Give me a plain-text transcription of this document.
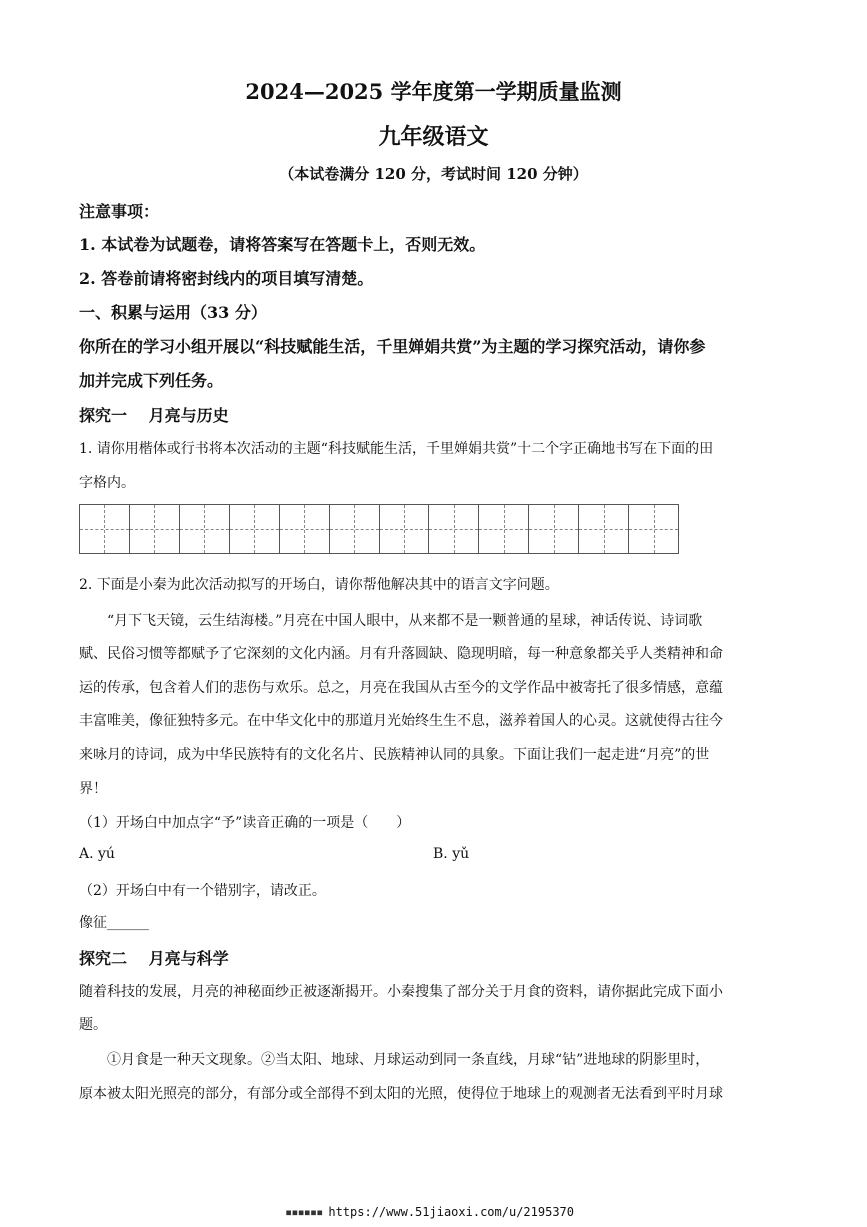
2024—2025 学年度第一学期质量监测
九年级语文
（本试卷满分 120 分，考试时间 120 分钟）
注意事项：
1. 本试卷为试题卷，请将答案写在答题卡上，否则无效。
2. 答卷前请将密封线内的项目填写清楚。
一、积累与运用（33 分）
你所在的学习小组开展以“科技赋能生活，千里婵娟共赏”为主题的学习探究活动，请你参
加并完成下列任务。
探究一　 月亮与历史
1. 请你用楷体或行书将本次活动的主题“科技赋能生活，千里婵娟共赏”十二个字正确地书写在下面的田
字格内。
2. 下面是小秦为此次活动拟写的开场白，请你帮他解决其中的语言文字问题。
“月下飞天镜，云生结海楼。”月亮在中国人眼中，从来都不是一颗普通的星球，神话传说、诗词歌
赋、民俗习惯等都赋予了它深刻的文化内涵。月有升落圆缺、隐现明暗，每一种意象都关乎人类精神和命
运的传承，包含着人们的悲伤与欢乐。总之，月亮在我国从古至今的文学作品中被寄托了很多情感，意蕴
丰富唯美，像征独特多元。在中华文化中的那道月光始终生生不息，滋养着国人的心灵。这就使得古往今
来咏月的诗词，成为中华民族特有的文化名片、民族精神认同的具象。下面让我们一起走进“月亮”的世
界！
（1）开场白中加点字“予”读音正确的一项是（　　）
A. yú	B. yǔ
（2）开场白中有一个错别字，请改正。
像征______
探究二　 月亮与科学
随着科技的发展，月亮的神秘面纱正被逐渐揭开。小秦搜集了部分关于月食的资料，请你据此完成下面小
题。
①月食是一种天文现象。②当太阳、地球、月球运动到同一条直线，月球“钻”进地球的阴影里时，
原本被太阳光照亮的部分，有部分或全部得不到太阳的光照，使得位于地球上的观测者无法看到平时月球
▪▪▪▪▪▪ https://www.51jiaoxi.com/u/2195370
